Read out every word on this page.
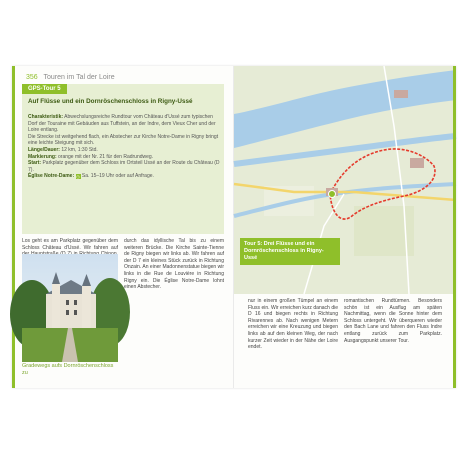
356 Touren im Tal der Loire
GPS-Tour 5
Auf Flüsse und ein Dornröschenschloss in Rigny-Ussé

Charakteristik: Abwechslungsreiche Rundtour vom Château d'Ussé zum typischen Dorf der Touraine mit Gebäuden aus Tuffstein, an der Indre, dem Vieux Cher und der Loire entlang.

Die Strecke ist weitgehend flach, ein Abstecher zur Kirche Notre-Dame in Rigny bringt eine leichte Steigung mit sich.

Länge/Dauer: 12 km, 1:30 Std.

Markierung: orange mit der Nr. 21 für den Radrundweg.

Start: Parkplatz gegenüber dem Schloss im Ortsteil Ussé an der Route du Château (D 7).

Église Notre-Dame: ◷ Sa. 15–19 Uhr oder auf Anfrage.

Los geht es am Parkplatz gegenüber dem Schloss Château d'Ussé. Wir fahren auf
Gradewegs aufs Dornröschenschloss zu
durch das idyllische Tal bis zu einem weiteren Brücke. Die Kirche Sainte-Tienne de Rigny biegen wir links ab. Wir fahren auf der D 7 ein kleines Stück zurück in Richtung Onzain. An einer Madonnenstatue biegen wir links in die Rue de Louvière in Richtung Rigny ein. Die Église Notre-Dame lohnt einen Abstecher.
Tour 5: Drei Flüsse und ein Dornröschenschloss in Rigny-Ussé
nur in einem großen Tümpel an einem Fluss ein. Wir erreichen kurz danach die D 16 und biegen rechts in Richtung Rivarennes ab. Nach wenigen Metern erreichen wir eine Kreuzung und biegen links ab auf den kleinen Weg, der nach kurzer Zeit wieder in der Nähe der Loire endet.
romantischen Rundtürmen. Besonders schön ist ein Ausflug am späten Nachmittag, wenn die Sonne hinter dem Schloss untergeht. Wir überqueren wieder den Bach Lane und fahren den Fluss Indre entlang zurück zum Parkplatz. Ausgangspunkt unserer Tour.
